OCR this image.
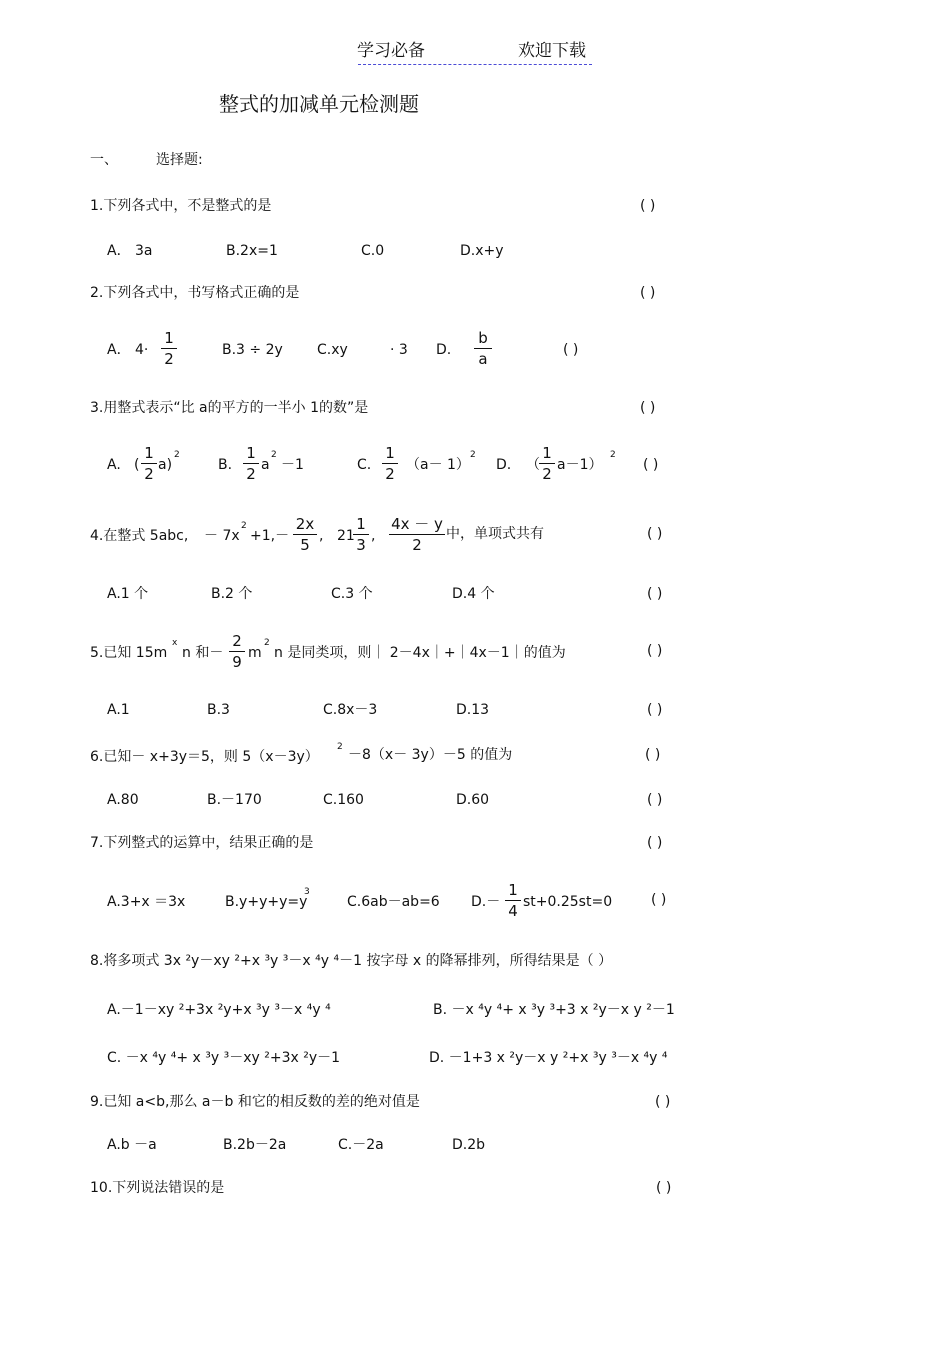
学习必备	欢迎下载
整式的加减单元检测题
一、	选择题:
1.下列各式中，不是整式的是	( )
A． 3a	B.2x=1	C.0	D.x+y
2.下列各式中，书写格式正确的是	( )
A． 4·
1
2	B.3 ÷ 2y C.xy	· 3 D.
b
a	( )
3.用整式表示“比 a的平方的一半小 1的数”是	( )
A. (
1
2 a)
2
B.
1
2 a
2
－1	C.
1
2 （a－ 1）
2
D. （
1
2 a－1）
2
( )
4.在整式 5abc, － 7x
2
+1,－
2x
5 , 21
1
3 ,
4x － y
2
中，单项式共有	( )
A.1 个	B.2 个	C.3 个	D.4 个	( )
5.已知 15m
x
n 和－
2
9 m
2
n 是同类项，则｜ 2－4x｜+｜4x－1｜的值为	( )
A.1	B.3	C.8x－3	D.13	( )
6.已知－ x+3y＝5，则 5（x－3y）
2 －8（x－ 3y）－5 的值为	( )
A.80	B.－170	C.160	D.60	( )
7.下列整式的运算中，结果正确的是	( )
A.3+x ＝3x	B.y+y+y=y
3
C.6ab－ab=6 D.－
1
4 st+0.25st=0	( )
8.将多项式 3x ²y－xy ²+x ³y ³－x ⁴y ⁴－1 按字母 x 的降幂排列，所得结果是（ ）
A.－1－xy ²+3x ²y+x ³y ³－x ⁴y ⁴	B. －x ⁴y ⁴+ x ³y ³+3 x ²y－x y ²－1
C. －x ⁴y ⁴+ x ³y ³－xy ²+3x ²y－1	D. －1+3 x ²y－x y ²+x ³y ³－x ⁴y ⁴
9.已知 a<b,那么 a－b 和它的相反数的差的绝对值是	( )
A.b －a	B.2b－2a	C.－2a	D.2b
10.下列说法错误的是	( )
